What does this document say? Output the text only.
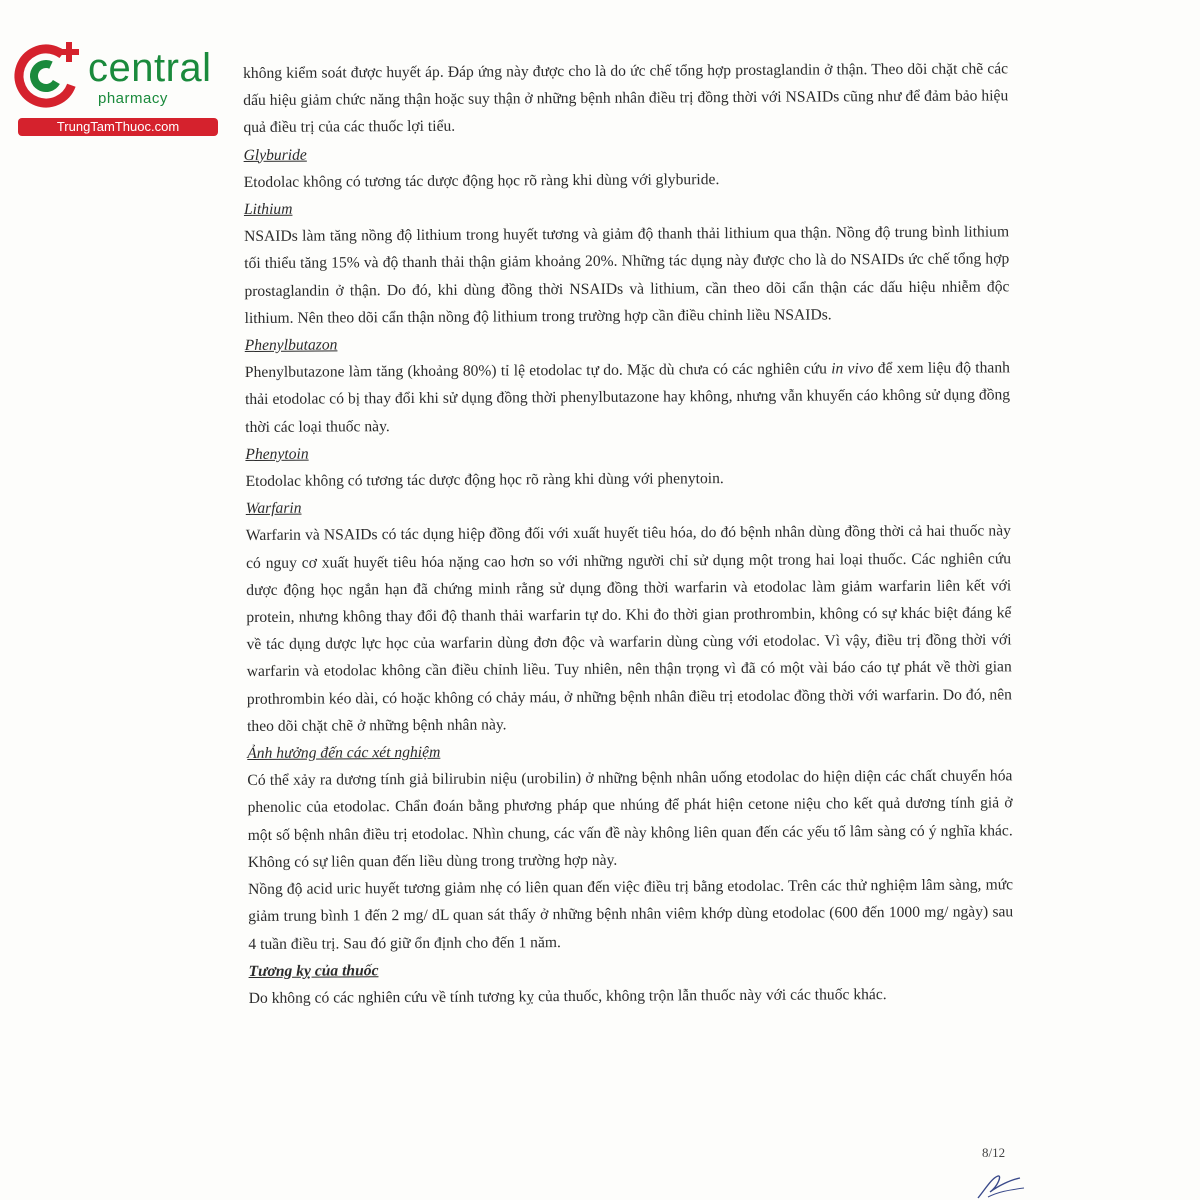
central
pharmacy
TrungTamThuoc.com

không kiểm soát được huyết áp. Đáp ứng này được cho là do ức chế tổng hợp prostaglandin ở thận. Theo dõi chặt chẽ các dấu hiệu giảm chức năng thận hoặc suy thận ở những bệnh nhân điều trị đồng thời với NSAIDs cũng như để đảm bảo hiệu quả điều trị của các thuốc lợi tiểu.

Glyburide

Etodolac không có tương tác dược động học rõ ràng khi dùng với glyburide.

Lithium

NSAIDs làm tăng nồng độ lithium trong huyết tương và giảm độ thanh thải lithium qua thận. Nồng độ trung bình lithium tối thiểu tăng 15% và độ thanh thải thận giảm khoảng 20%. Những tác dụng này được cho là do NSAIDs ức chế tổng hợp prostaglandin ở thận. Do đó, khi dùng đồng thời NSAIDs và lithium, cần theo dõi cẩn thận các dấu hiệu nhiễm độc lithium. Nên theo dõi cẩn thận nồng độ lithium trong trường hợp cần điều chỉnh liều NSAIDs.

Phenylbutazon

Phenylbutazone làm tăng (khoảng 80%) tỉ lệ etodolac tự do. Mặc dù chưa có các nghiên cứu in vivo để xem liệu độ thanh thải etodolac có bị thay đổi khi sử dụng đồng thời phenylbutazone hay không, nhưng vẫn khuyến cáo không sử dụng đồng thời các loại thuốc này.

Phenytoin

Etodolac không có tương tác dược động học rõ ràng khi dùng với phenytoin.

Warfarin

Warfarin và NSAIDs có tác dụng hiệp đồng đối với xuất huyết tiêu hóa, do đó bệnh nhân dùng đồng thời cả hai thuốc này có nguy cơ xuất huyết tiêu hóa nặng cao hơn so với những người chỉ sử dụng một trong hai loại thuốc. Các nghiên cứu dược động học ngắn hạn đã chứng minh rằng sử dụng đồng thời warfarin và etodolac làm giảm warfarin liên kết với protein, nhưng không thay đổi độ thanh thải warfarin tự do. Khi đo thời gian prothrombin, không có sự khác biệt đáng kể về tác dụng dược lực học của warfarin dùng đơn độc và warfarin dùng cùng với etodolac. Vì vậy, điều trị đồng thời với warfarin và etodolac không cần điều chỉnh liều. Tuy nhiên, nên thận trọng vì đã có một vài báo cáo tự phát về thời gian prothrombin kéo dài, có hoặc không có chảy máu, ở những bệnh nhân điều trị etodolac đồng thời với warfarin. Do đó, nên theo dõi chặt chẽ ở những bệnh nhân này.

Ảnh hưởng đến các xét nghiệm

Có thể xảy ra dương tính giả bilirubin niệu (urobilin) ở những bệnh nhân uống etodolac do hiện diện các chất chuyển hóa phenolic của etodolac. Chẩn đoán bằng phương pháp que nhúng để phát hiện cetone niệu cho kết quả dương tính giả ở một số bệnh nhân điều trị etodolac. Nhìn chung, các vấn đề này không liên quan đến các yếu tố lâm sàng có ý nghĩa khác. Không có sự liên quan đến liều dùng trong trường hợp này.

Nồng độ acid uric huyết tương giảm nhẹ có liên quan đến việc điều trị bằng etodolac. Trên các thử nghiệm lâm sàng, mức giảm trung bình 1 đến 2 mg/ dL quan sát thấy ở những bệnh nhân viêm khớp dùng etodolac (600 đến 1000 mg/ ngày) sau 4 tuần điều trị. Sau đó giữ ổn định cho đến 1 năm.

Tương kỵ của thuốc

Do không có các nghiên cứu về tính tương kỵ của thuốc, không trộn lẫn thuốc này với các thuốc khác.

8/12
